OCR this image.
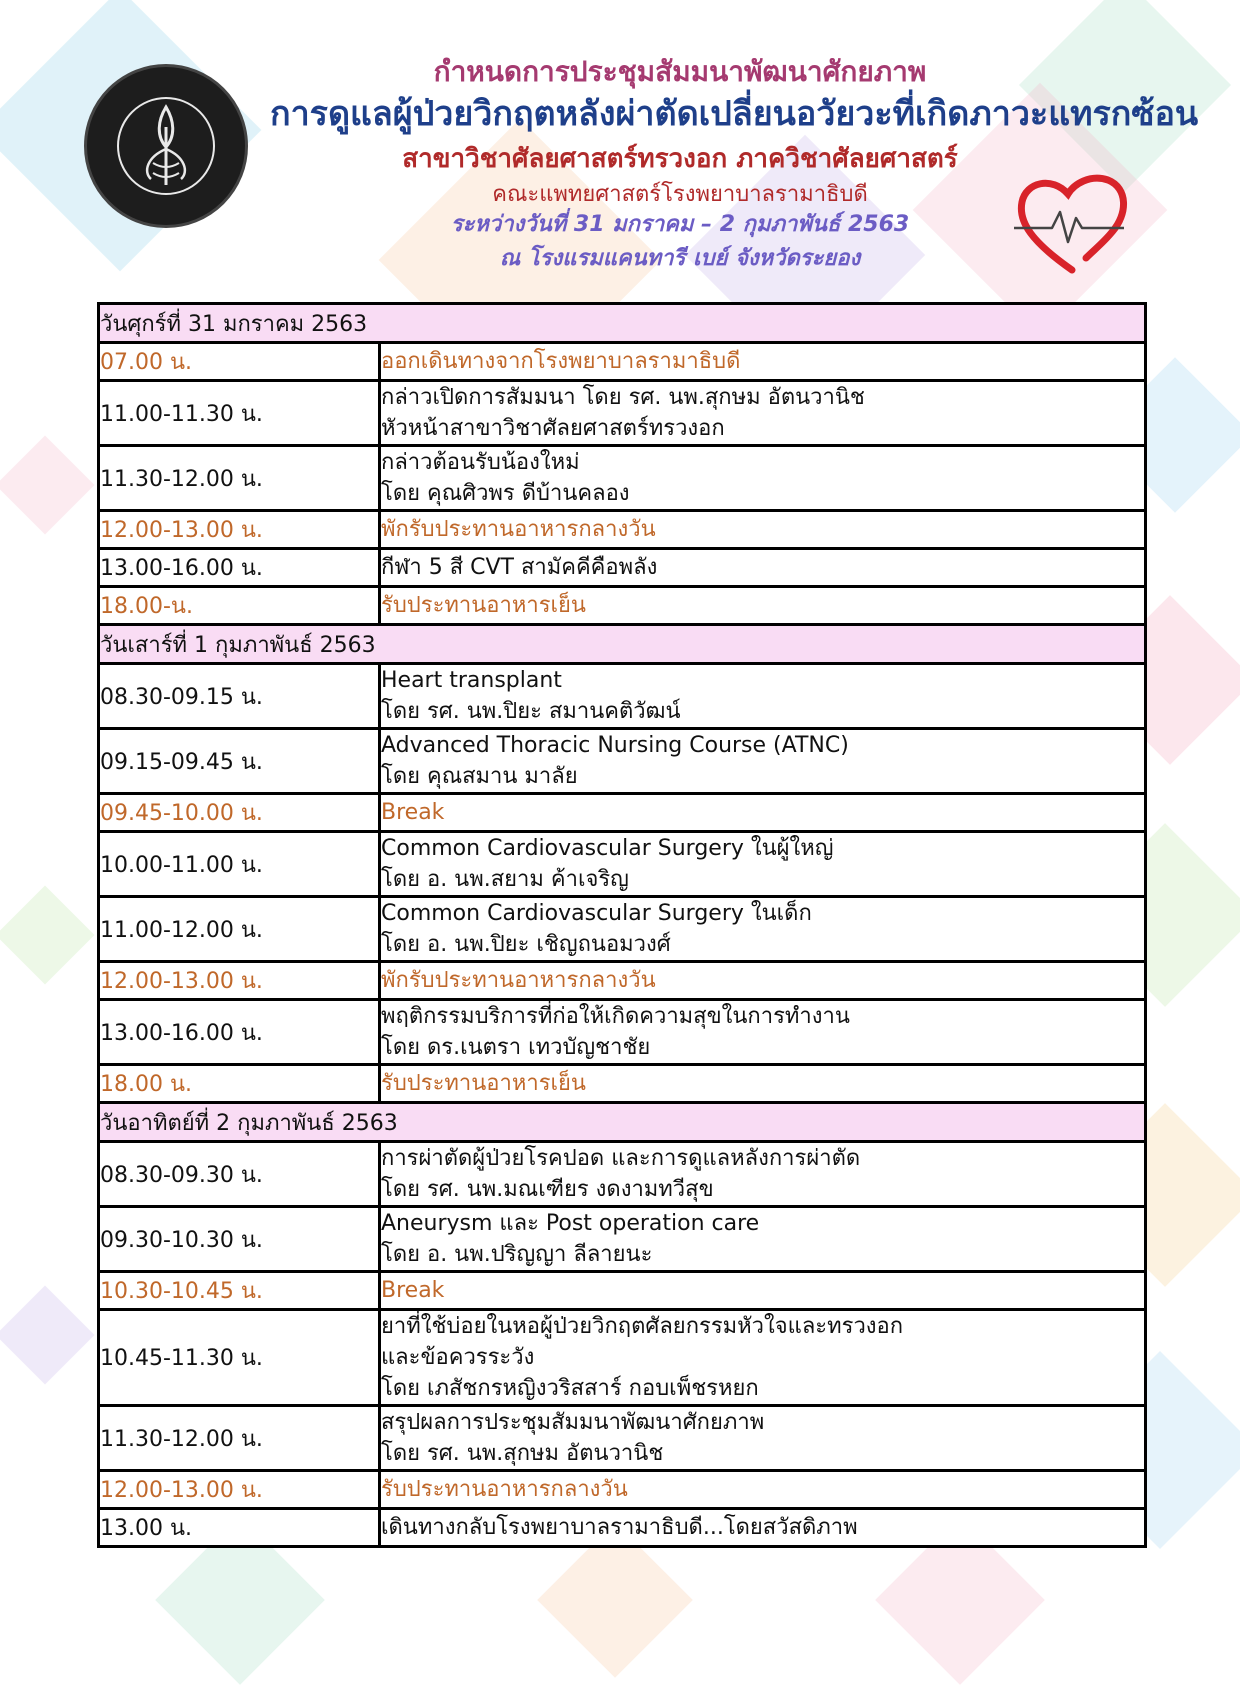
กำหนดการประชุมสัมมนาพัฒนาศักยภาพ
การดูแลผู้ป่วยวิกฤตหลังผ่าตัดเปลี่ยนอวัยวะที่เกิดภาวะแทรกซ้อน
สาขาวิชาศัลยศาสตร์ทรวงอก ภาควิชาศัลยศาสตร์
คณะแพทยศาสตร์โรงพยาบาลรามาธิบดี
ระหว่างวันที่ 31 มกราคม – 2 กุมภาพันธ์ 2563
ณ โรงแรมแคนทารี เบย์ จังหวัดระยอง
วันศุกร์ที่ 31 มกราคม 2563	
07.00 น.	ออกเดินทางจากโรงพยาบาลรามาธิบดี

11.00-11.30 น.	กล่าวเปิดการสัมมนา โดย รศ. นพ.สุกษม อัตนวานิช
หัวหน้าสาขาวิชาศัลยศาสตร์ทรวงอก

11.30-12.00 น.	กล่าวต้อนรับน้องใหม่
โดย คุณศิวพร ดีบ้านคลอง

12.00-13.00 น.	พักรับประทานอาหารกลางวัน

13.00-16.00 น.	กีฬา 5 สี CVT สามัคคีคือพลัง

18.00-น.	รับประทานอาหารเย็น

วันเสาร์ที่ 1 กุมภาพันธ์ 2563	
08.30-09.15 น.	Heart transplant
โดย รศ. นพ.ปิยะ สมานคติวัฒน์

09.15-09.45 น.	Advanced Thoracic Nursing Course (ATNC)
โดย คุณสมาน มาลัย

09.45-10.00 น.	Break

10.00-11.00 น.	Common Cardiovascular Surgery ในผู้ใหญ่
โดย อ. นพ.สยาม ค้าเจริญ

11.00-12.00 น.	Common Cardiovascular Surgery ในเด็ก
โดย อ. นพ.ปิยะ เชิญถนอมวงศ์

12.00-13.00 น.	พักรับประทานอาหารกลางวัน

13.00-16.00 น.	พฤติกรรมบริการที่ก่อให้เกิดความสุขในการทำงาน
โดย ดร.เนตรา เทวบัญชาชัย

18.00 น.	รับประทานอาหารเย็น

วันอาทิตย์ที่ 2 กุมภาพันธ์ 2563	
08.30-09.30 น.	การผ่าตัดผู้ป่วยโรคปอด และการดูแลหลังการผ่าตัด
โดย รศ. นพ.มณเฑียร งดงามทวีสุข

09.30-10.30 น.	Aneurysm และ Post operation care
โดย อ. นพ.ปริญญา ลีลายนะ

10.30-10.45 น.	Break

10.45-11.30 น.	ยาที่ใช้บ่อยในหอผู้ป่วยวิกฤตศัลยกรรมหัวใจและทรวงอก
และข้อควรระวัง
โดย เภสัชกรหญิงวริสสาร์ กอบเพ็ชรหยก

11.30-12.00 น.	สรุปผลการประชุมสัมมนาพัฒนาศักยภาพ
โดย รศ. นพ.สุกษม อัตนวานิช

12.00-13.00 น.	รับประทานอาหารกลางวัน

13.00 น.	เดินทางกลับโรงพยาบาลรามาธิบดี...โดยสวัสดิภาพ
